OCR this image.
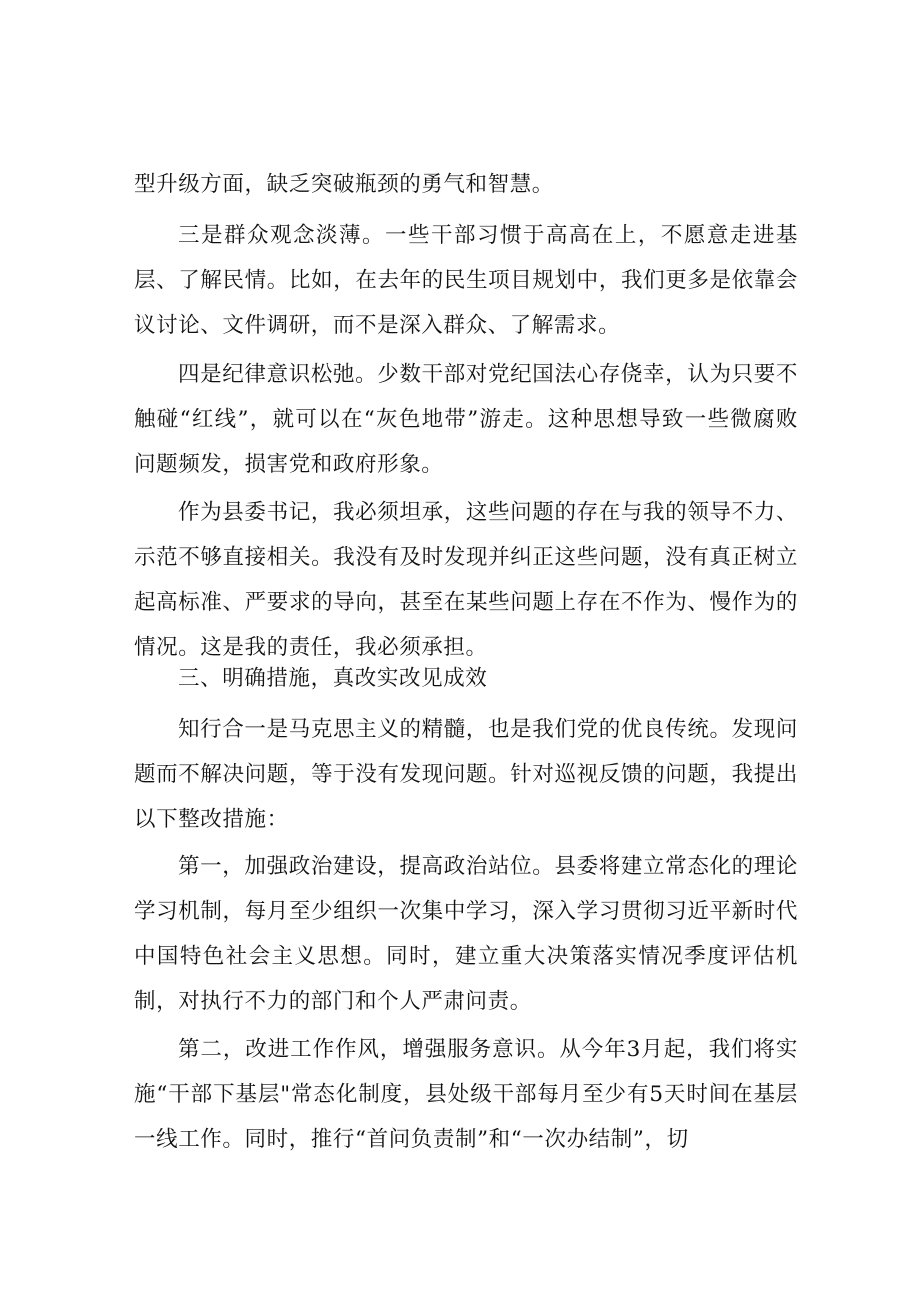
型升级方面，缺乏突破瓶颈的勇气和智慧。

三是群众观念淡薄。一些干部习惯于高高在上，不愿意走进基层、了解民情。比如，在去年的民生项目规划中，我们更多是依靠会议讨论、文件调研，而不是深入群众、了解需求。

四是纪律意识松弛。少数干部对党纪国法心存侥幸，认为只要不触碰“红线”，就可以在“灰色地带”游走。这种思想导致一些微腐败问题频发，损害党和政府形象。

作为县委书记，我必须坦承，这些问题的存在与我的领导不力、示范不够直接相关。我没有及时发现并纠正这些问题，没有真正树立起高标准、严要求的导向，甚至在某些问题上存在不作为、慢作为的情况。这是我的责任，我必须承担。

三、明确措施，真改实改见成效

知行合一是马克思主义的精髓，也是我们党的优良传统。发现问题而不解决问题，等于没有发现问题。针对巡视反馈的问题，我提出以下整改措施：

第一，加强政治建设，提高政治站位。县委将建立常态化的理论学习机制，每月至少组织一次集中学习，深入学习贯彻习近平新时代中国特色社会主义思想。同时，建立重大决策落实情况季度评估机制，对执行不力的部门和个人严肃问责。

第二，改进工作作风，增强服务意识。从今年3月起，我们将实施“干部下基层"常态化制度，县处级干部每月至少有5天时间在基层一线工作。同时，推行“首问负责制”和“一次办结制”，切
